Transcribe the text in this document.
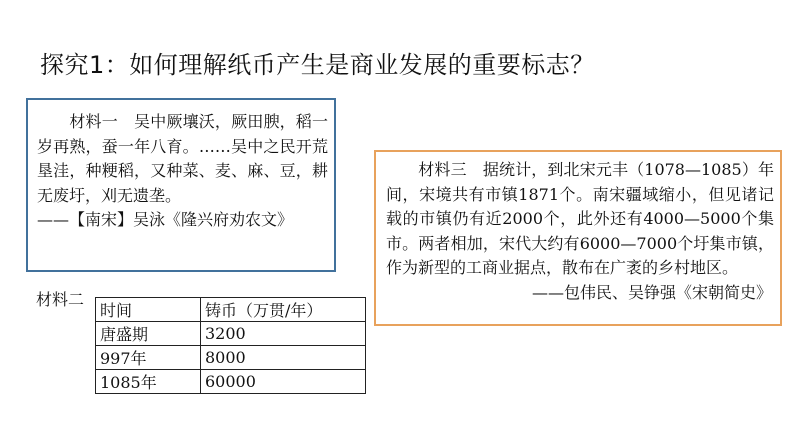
探究1：如何理解纸币产生是商业发展的重要标志？

　　材料一　吴中厥壤沃，厥田腴，稻一岁再熟，蚕一年八育。……吴中之民开荒垦洼，种粳稻，又种菜、麦、麻、豆，耕无废圩，刈无遗垄。

——【南宋】吴泳《隆兴府劝农文》

材料二
时间	铸币（万贯/年）
唐盛期	3200
997年	8000
1085年	60000

　　材料三　据统计，到北宋元丰（1078—1085）年间，宋境共有市镇1871个。南宋疆域缩小，但见诸记载的市镇仍有近2000个，此外还有4000—5000个集市。两者相加，宋代大约有6000—7000个圩集市镇，作为新型的工商业据点，散布在广袤的乡村地区。

——包伟民、吴铮强《宋朝简史》
